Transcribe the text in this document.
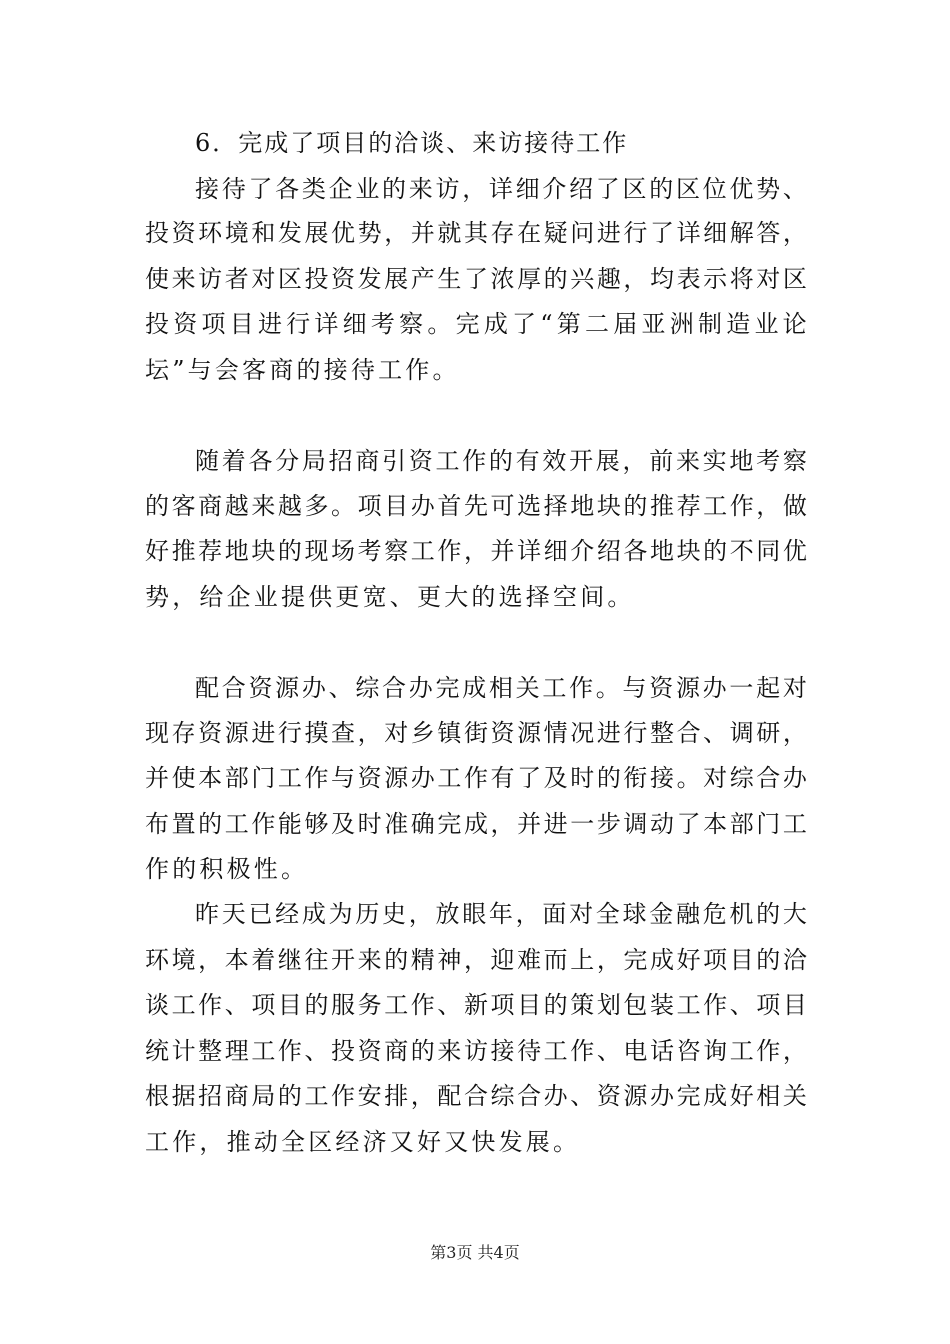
6．完成了项目的洽谈、来访接待工作
接 待 了 各 类 企 业 的 来 访 ， 详 细 介 绍 了 区 的 区 位 优 势 、
投 资 环 境 和 发 展 优 势 ， 并 就 其 存 在 疑 问 进 行 了 详 细 解 答 ，
使 来 访 者 对 区 投 资 发 展 产 生 了 浓 厚 的 兴 趣 ， 均 表 示 将 对 区
投 资 项 目 进 行 详 细 考 察 。 完 成 了 “ 第 二 届 亚 洲 制 造 业 论
坛”与会客商的接待工作。
随 着 各 分 局 招 商 引 资 工 作 的 有 效 开 展 ， 前 来 实 地 考 察
的 客 商 越 来 越 多 。 项 目 办 首 先 可 选 择 地 块 的 推 荐 工 作 ， 做
好 推 荐 地 块 的 现 场 考 察 工 作 ， 并 详 细 介 绍 各 地 块 的 不 同 优
势，给企业提供更宽、更大的选择空间。
配 合 资 源 办 、 综 合 办 完 成 相 关 工 作 。 与 资 源 办 一 起 对
现 存 资 源 进 行 摸 查 ， 对 乡 镇 街 资 源 情 况 进 行 整 合 、 调 研 ，
并 使 本 部 门 工 作 与 资 源 办 工 作 有 了 及 时 的 衔 接 。 对 综 合 办
布 置 的 工 作 能 够 及 时 准 确 完 成 ， 并 进 一 步 调 动 了 本 部 门 工
作的积极性。
昨 天 已 经 成 为 历 史 ， 放 眼 年 ， 面 对 全 球 金 融 危 机 的 大
环 境 ， 本 着 继 往 开 来 的 精 神 ， 迎 难 而 上 ， 完 成 好 项 目 的 洽
谈 工 作 、 项 目 的 服 务 工 作 、 新 项 目 的 策 划 包 装 工 作 、 项 目
统 计 整 理 工 作 、 投 资 商 的 来 访 接 待 工 作 、 电 话 咨 询 工 作 ，
根 据 招 商 局 的 工 作 安 排 ， 配 合 综 合 办 、 资 源 办 完 成 好 相 关
工作，推动全区经济又好又快发展。
第3页 共4页
